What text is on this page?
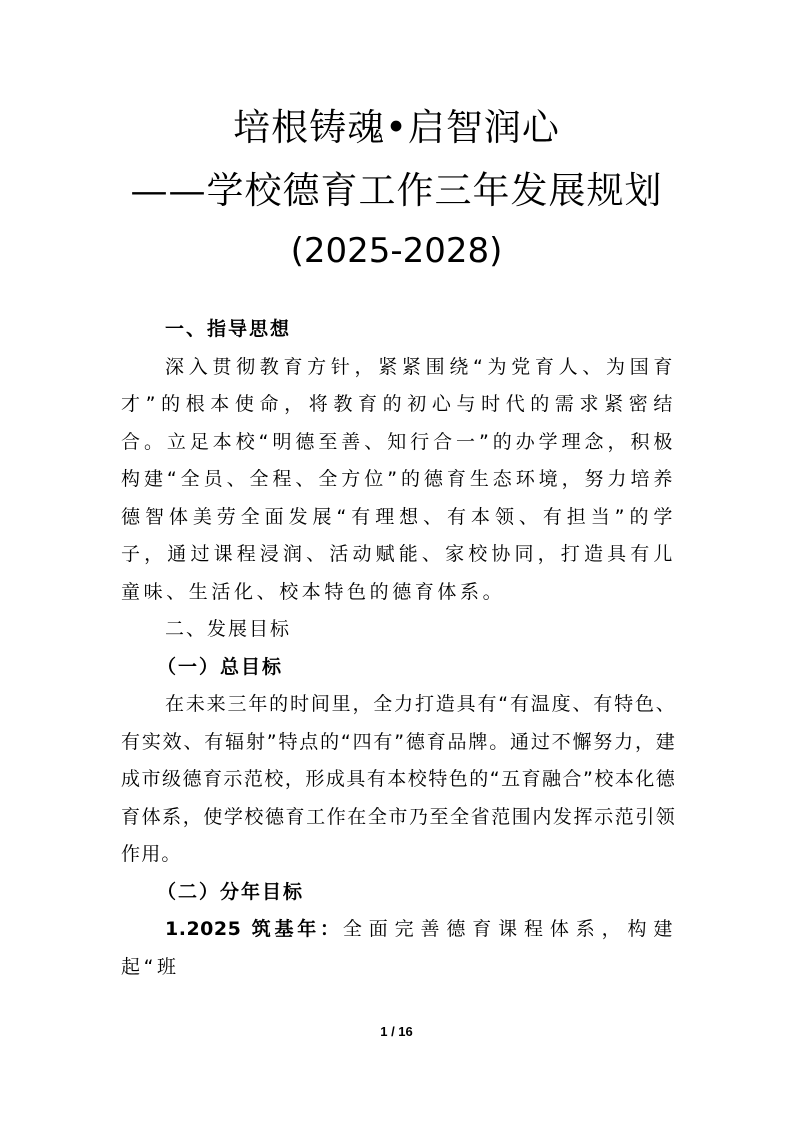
培根铸魂•启智润心
——学校德育工作三年发展规划
(2025-2028)

一、指导思想

深入贯彻教育方针，紧紧围绕“为党育人、为国育才”的根本使命，将教育的初心与时代的需求紧密结合。立足本校“明德至善、知行合一”的办学理念，积极构建“全员、全程、全方位”的德育生态环境，努力培养德智体美劳全面发展“有理想、有本领、有担当”的学子，通过课程浸润、活动赋能、家校协同，打造具有儿童味、生活化、校本特色的德育体系。

二、发展目标

（一）总目标

在未来三年的时间里，全力打造具有“有温度、有特色、有实效、有辐射”特点的“四有”德育品牌。通过不懈努力，建成市级德育示范校，形成具有本校特色的“五育融合”校本化德育体系，使学校德育工作在全市乃至全省范围内发挥示范引领作用。

（二）分年目标

1.2025 筑基年：全面完善德育课程体系，构建起“班

1 / 16
